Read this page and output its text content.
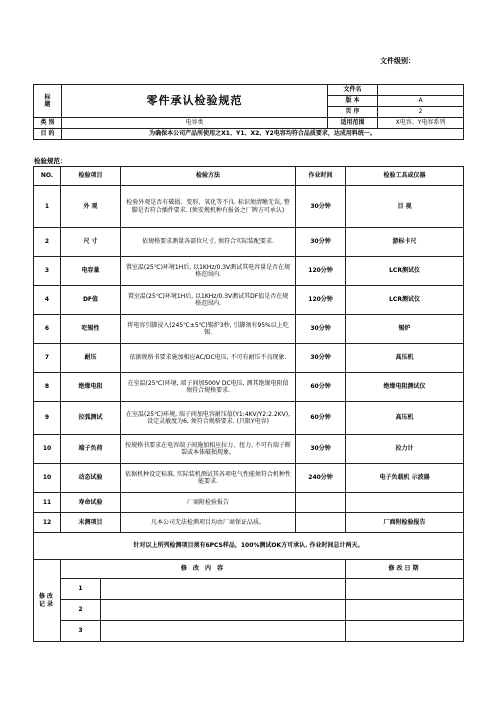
文件级别：
标
题	零件承认检验规范	文件名	
		版 本	A
		页 序	2
类 别	电容类	适用范围	X电容、Y电容系列
目 的	为确保本公司产品所使用之X1、Y1、X2、Y2电容均符合品质要求，达成用料统一。		
检验规范：
NO.	检验项目		检验方法	作业时间	检验工具或仪器
1	外 观		检验外观是否有破损、变形、氧化等不良. 标识须清晰无误, 整脚是否符合插件要求. (须安规机种有报备之厂牌方可承认)	30分钟	目 视
2	尺 寸		依规格要求测量各部位尺寸, 须符合实际装配要求.	30分钟	游标卡尺
3	电容量		置室温(25℃)环境1H后, 以1KHz/0.3V测试其电容量是否在规格范围内.	120分钟	LCR测试仪
4	DF值		置室温(25℃)环境1H后, 以1KHz/0.3V测试其DF值是否在规格范围内.	120分钟	LCR测试仪
6	吃锡性		将电容引脚浸入(245℃±5℃)锡炉3秒, 引脚须有95%以上吃锡.	30分钟	锡炉
7	耐压		依据规格书要求施加相应AC/DC电压, 不可有耐压不良现象.	30分钟	高压机
8	绝缘电阻		在室温(25℃)环境, 端子间加500V DC电压, 测其绝缘电阻值须符合规格要求.	60分钟	绝缘电阻测试仪
9	拉弧测试		在室温(25℃)环境, 端子间加电容耐压值(Y1:4KV/Y2:2.2KV), 设定灵敏度为6, 须符合规格要求. (只限Y电容)	60分钟	高压机
10	端子负荷		按规格书要求在电容端子间施加相应拉力、扭力, 不可有端子断裂或本体破损现象。	30分钟	拉力计
10	动态试验		依据机种设定标准, 实际装机测试其各项电气性能须符合机种性能要求.	240分钟	电子负载机 示波器
11	寿命试验		厂商附检验报告		
12	未测项目		凡本公司无法检测项目均由厂商保证品质。		厂商附检验报告
针对以上所列检测项目须有6PCS样品，100%测试OK方可承认. 作业时间总计两天。					
修改
记录	修 改 内 容				修改日期
	1				
	2				
	3				
